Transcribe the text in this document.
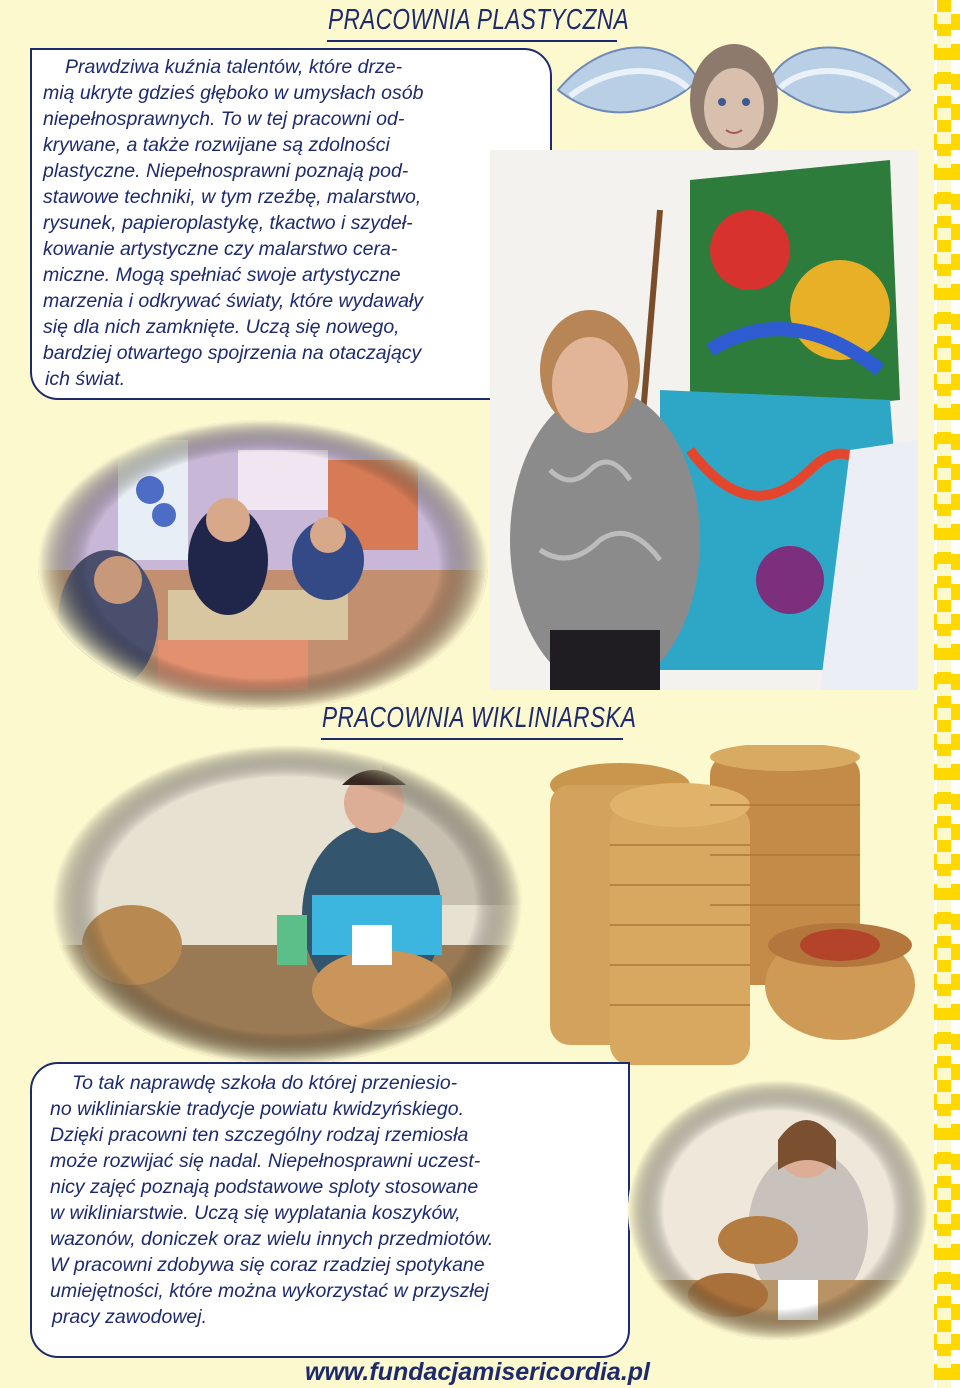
PRACOWNIA PLASTYCZNA
Prawdziwa kuźnia talentów, które drze-
mią ukryte gdzieś głęboko w umysłach osób
niepełnosprawnych. To w tej pracowni od-
krywane, a także rozwijane są zdolności
plastyczne. Niepełnosprawni poznają pod-
stawowe techniki, w tym rzeźbę, malarstwo,
rysunek, papieroplastykę, tkactwo i szydeł-
kowanie artystyczne czy malarstwo cera-
miczne. Mogą spełniać swoje artystyczne
marzenia i odkrywać światy, które wydawały
się dla nich zamknięte. Uczą się nowego,
bardziej otwartego spojrzenia na otaczający
ich świat.
PRACOWNIA WIKLINIARSKA
To tak naprawdę szkoła do której przeniesio-
no wikliniarskie tradycje powiatu kwidzyńskiego.
Dzięki pracowni ten szczególny rodzaj rzemiosła
może rozwijać się nadal. Niepełnosprawni uczest-
nicy zajęć poznają podstawowe sploty stosowane
w wikliniarstwie. Uczą się wyplatania koszyków,
wazonów, doniczek oraz wielu innych przedmiotów.
W pracowni zdobywa się coraz rzadziej spotykane
umiejętności, które można wykorzystać w przyszłej
pracy zawodowej.
www.fundacjamisericordia.pl
